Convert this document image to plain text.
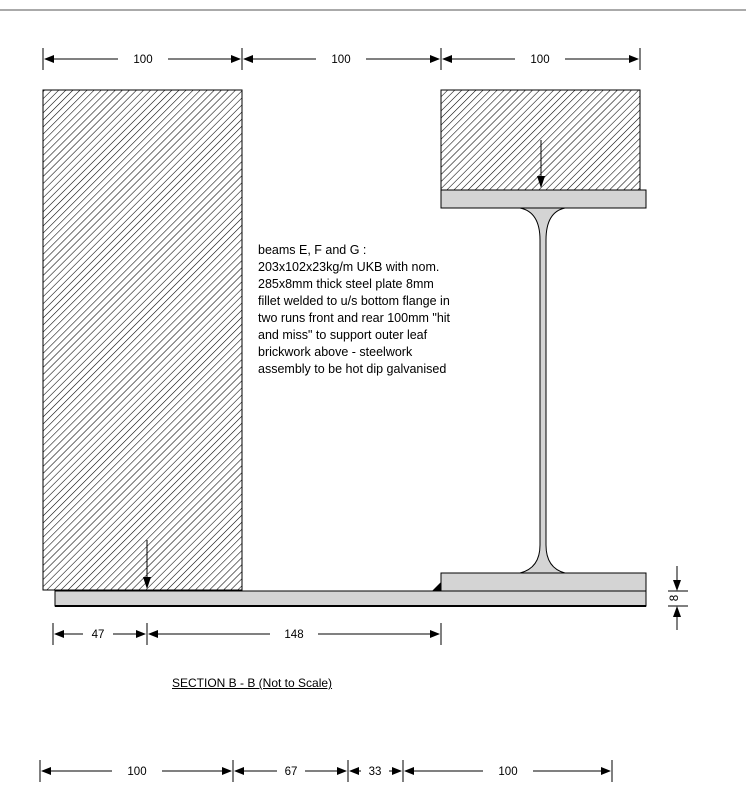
100	100	100
8
47	148
100	67	33	100
beams E, F and G :
203x102x23kg/m UKB with nom.
285x8mm thick steel plate 8mm
fillet welded to u/s bottom flange in
two runs front and rear 100mm "hit
and miss" to support outer leaf
brickwork above - steelwork
assembly to be hot dip galvanised
SECTION B - B (Not to Scale)
